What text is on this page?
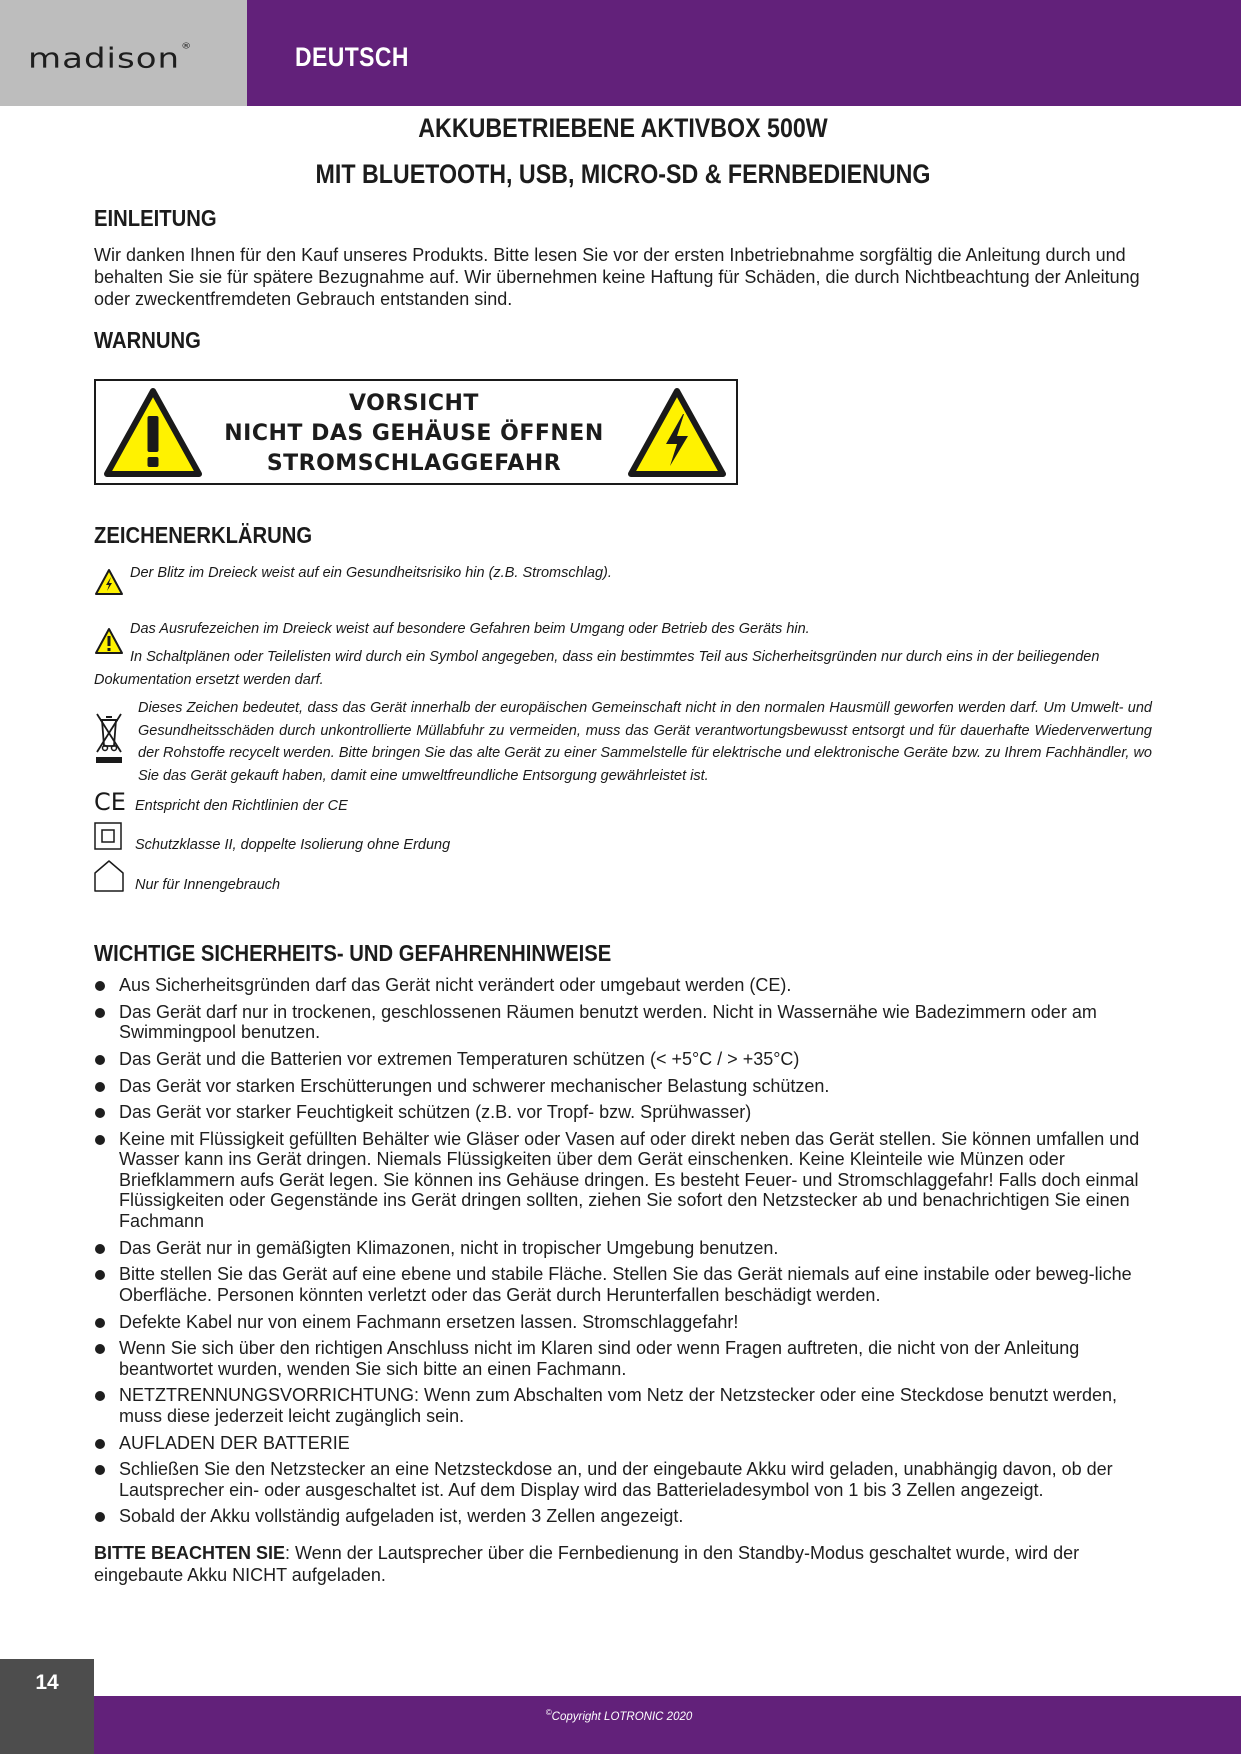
madison®	DEUTSCH
AKKUBETRIEBENE AKTIVBOX 500W
MIT BLUETOOTH, USB, MICRO-SD & FERNBEDIENUNG
EINLEITUNG
Wir danken Ihnen für den Kauf unseres Produkts. Bitte lesen Sie vor der ersten Inbetriebnahme sorgfältig die Anleitung durch und behalten Sie sie für spätere Bezugnahme auf. Wir übernehmen keine Haftung für Schäden, die durch Nichtbeachtung der Anleitung oder zweckentfremdeten Gebrauch entstanden sind.
WARNUNG
VORSICHT
NICHT DAS GEHÄUSE ÖFFNEN
STROMSCHLAGGEFAHR
ZEICHENERKLÄRUNG
Der Blitz im Dreieck weist auf ein Gesundheitsrisiko hin (z.B. Stromschlag).
Das Ausrufezeichen im Dreieck weist auf besondere Gefahren beim Umgang oder Betrieb des Geräts hin.
In Schaltplänen oder Teilelisten wird durch ein Symbol angegeben, dass ein bestimmtes Teil aus Sicherheitsgründen nur durch eins in der beiliegenden Dokumentation ersetzt werden darf.
Dieses Zeichen bedeutet, dass das Gerät innerhalb der europäischen Gemeinschaft nicht in den normalen Hausmüll geworfen werden darf. Um Umwelt- und Gesundheitsschäden durch unkontrollierte Müllabfuhr zu vermeiden, muss das Gerät verantwortungsbewusst entsorgt und für dauerhafte Wiederverwertung der Rohstoffe recycelt werden. Bitte bringen Sie das alte Gerät zu einer Sammelstelle für elektrische und elektronische Geräte bzw. zu Ihrem Fachhändler, wo Sie das Gerät gekauft haben, damit eine umweltfreundliche Entsorgung gewährleistet ist.
CE Entspricht den Richtlinien der CE
Schutzklasse II, doppelte Isolierung ohne Erdung
Nur für Innengebrauch
WICHTIGE SICHERHEITS- UND GEFAHRENHINWEISE
Aus Sicherheitsgründen darf das Gerät nicht verändert oder umgebaut werden (CE).
Das Gerät darf nur in trockenen, geschlossenen Räumen benutzt werden. Nicht in Wassernähe wie Badezimmern oder am Swimmingpool benutzen.
Das Gerät und die Batterien vor extremen Temperaturen schützen (< +5°C / > +35°C)
Das Gerät vor starken Erschütterungen und schwerer mechanischer Belastung schützen.
Das Gerät vor starker Feuchtigkeit schützen (z.B. vor Tropf- bzw. Sprühwasser)
Keine mit Flüssigkeit gefüllten Behälter wie Gläser oder Vasen auf oder direkt neben das Gerät stellen. Sie können umfallen und Wasser kann ins Gerät dringen. Niemals Flüssigkeiten über dem Gerät einschenken. Keine Kleinteile wie Münzen oder Briefklammern aufs Gerät legen. Sie können ins Gehäuse dringen. Es besteht Feuer- und Stromschlaggefahr! Falls doch einmal Flüssigkeiten oder Gegenstände ins Gerät dringen sollten, ziehen Sie sofort den Netzstecker ab und benachrichtigen Sie einen Fachmann
Das Gerät nur in gemäßigten Klimazonen, nicht in tropischer Umgebung benutzen.
Bitte stellen Sie das Gerät auf eine ebene und stabile Fläche. Stellen Sie das Gerät niemals auf eine instabile oder beweg-liche Oberfläche. Personen könnten verletzt oder das Gerät durch Herunterfallen beschädigt werden.
Defekte Kabel nur von einem Fachmann ersetzen lassen. Stromschlaggefahr!
Wenn Sie sich über den richtigen Anschluss nicht im Klaren sind oder wenn Fragen auftreten, die nicht von der Anleitung beantwortet wurden, wenden Sie sich bitte an einen Fachmann.
NETZTRENNUNGSVORRICHTUNG: Wenn zum Abschalten vom Netz der Netzstecker oder eine Steckdose benutzt werden, muss diese jederzeit leicht zugänglich sein.
AUFLADEN DER BATTERIE
Schließen Sie den Netzstecker an eine Netzsteckdose an, und der eingebaute Akku wird geladen, unabhängig davon, ob der Lautsprecher ein- oder ausgeschaltet ist. Auf dem Display wird das Batterieladesymbol von 1 bis 3 Zellen angezeigt.
Sobald der Akku vollständig aufgeladen ist, werden 3 Zellen angezeigt.
BITTE BEACHTEN SIE: Wenn der Lautsprecher über die Fernbedienung in den Standby-Modus geschaltet wurde, wird der eingebaute Akku NICHT aufgeladen.
14
©Copyright LOTRONIC 2020
